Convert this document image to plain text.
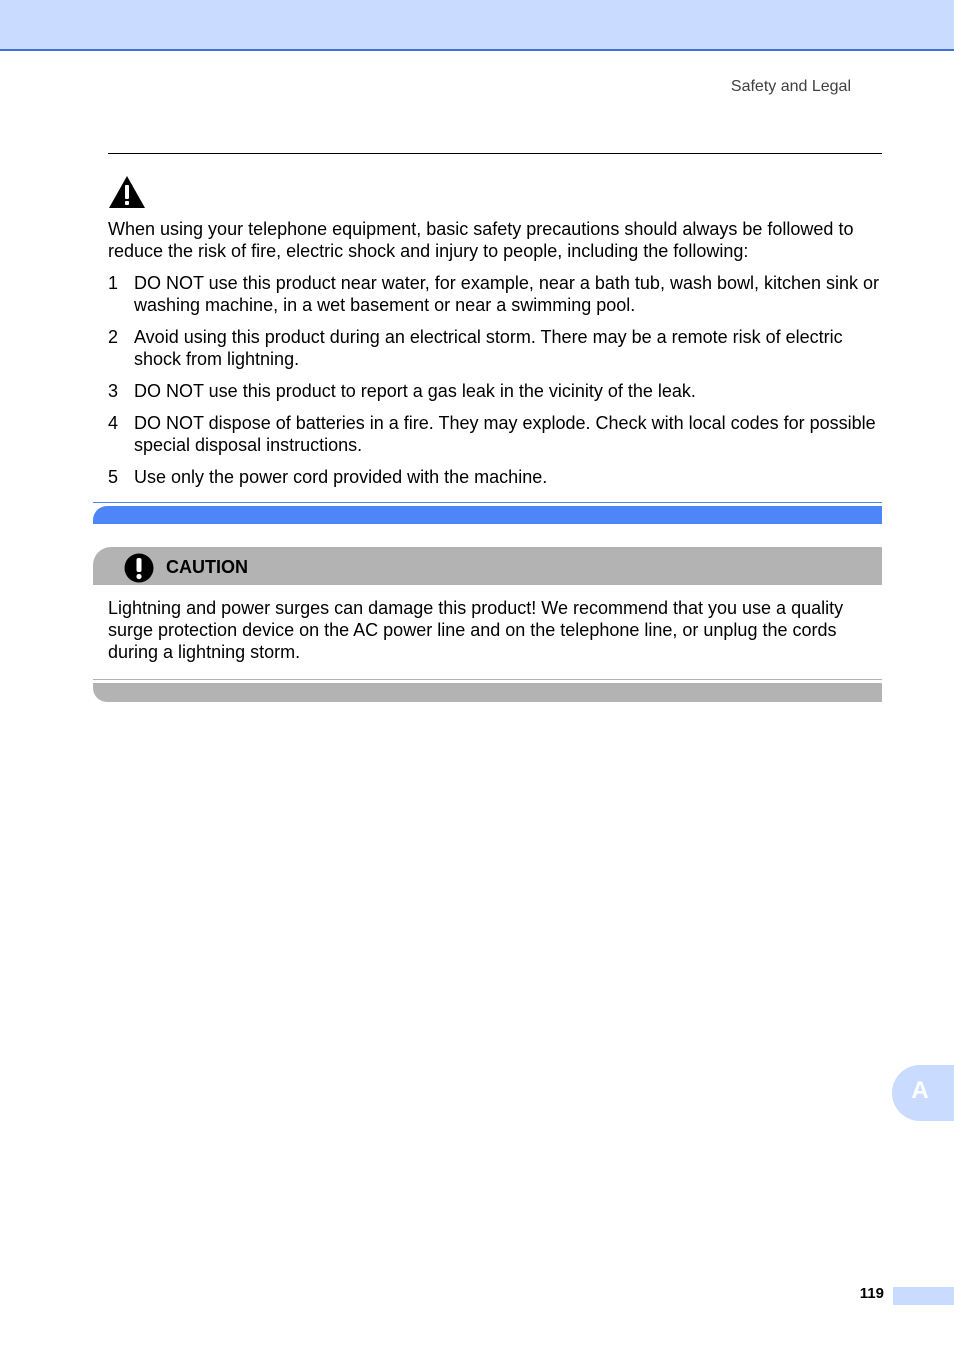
Safety and Legal

When using your telephone equipment, basic safety precautions should always be followed to reduce the risk of fire, electric shock and injury to people, including the following:

1 DO NOT use this product near water, for example, near a bath tub, wash bowl, kitchen sink or washing machine, in a wet basement or near a swimming pool.
2 Avoid using this product during an electrical storm. There may be a remote risk of electric shock from lightning.
3 DO NOT use this product to report a gas leak in the vicinity of the leak.
4 DO NOT dispose of batteries in a fire. They may explode. Check with local codes for possible special disposal instructions.
5 Use only the power cord provided with the machine.
CAUTION

Lightning and power surges can damage this product! We recommend that you use a quality surge protection device on the AC power line and on the telephone line, or unplug the cords during a lightning storm.

A
119
